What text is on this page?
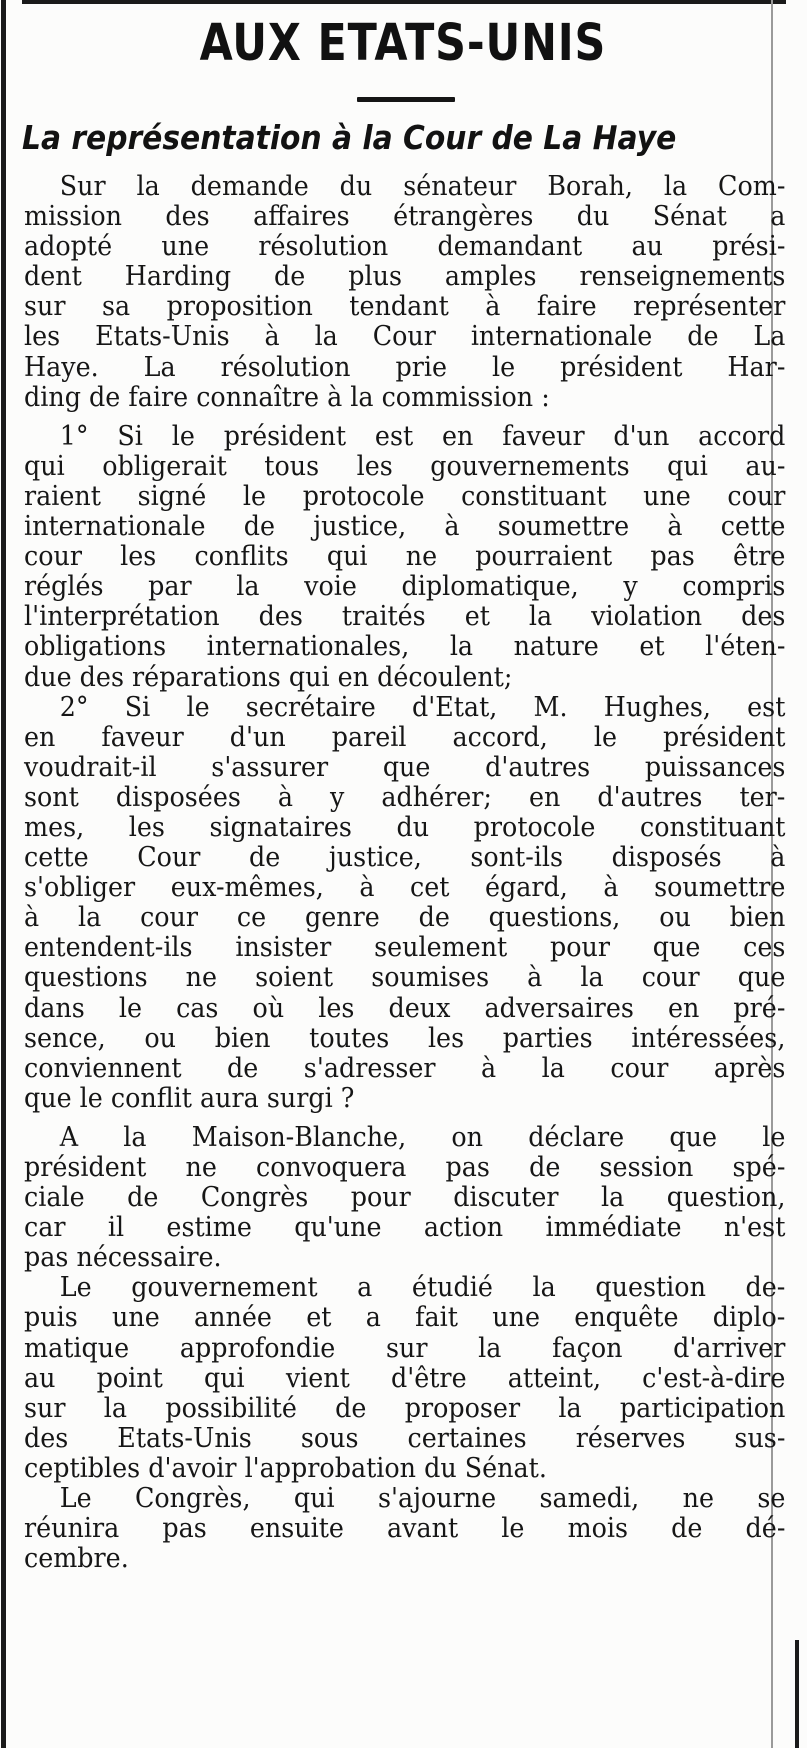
AUX ETATS-UNIS
La représentation à la Cour de La Haye
Sur la demande du sénateur Borah, la Com-
mission des affaires étrangères du Sénat a
adopté une résolution demandant au prési-
dent Harding de plus amples renseignements
sur sa proposition tendant à faire représenter
les Etats-Unis à la Cour internationale de La
Haye. La résolution prie le président Har-
ding de faire connaître à la commission :
1° Si le président est en faveur d'un accord
qui obligerait tous les gouvernements qui au-
raient signé le protocole constituant une cour
internationale de justice, à soumettre à cette
cour les conflits qui ne pourraient pas être
réglés par la voie diplomatique, y compris
l'interprétation des traités et la violation des
obligations internationales, la nature et l'éten-
due des réparations qui en découlent;
2° Si le secrétaire d'Etat, M. Hughes, est
en faveur d'un pareil accord, le président
voudrait-il s'assurer que d'autres puissances
sont disposées à y adhérer; en d'autres ter-
mes, les signataires du protocole constituant
cette Cour de justice, sont-ils disposés à
s'obliger eux-mêmes, à cet égard, à soumettre
à la cour ce genre de questions, ou bien
entendent-ils insister seulement pour que ces
questions ne soient soumises à la cour que
dans le cas où les deux adversaires en pré-
sence, ou bien toutes les parties intéressées,
conviennent de s'adresser à la cour après
que le conflit aura surgi ?
A la Maison-Blanche, on déclare que le
président ne convoquera pas de session spé-
ciale de Congrès pour discuter la question,
car il estime qu'une action immédiate n'est
pas nécessaire.
Le gouvernement a étudié la question de-
puis une année et a fait une enquête diplo-
matique approfondie sur la façon d'arriver
au point qui vient d'être atteint, c'est-à-dire
sur la possibilité de proposer la participation
des Etats-Unis sous certaines réserves sus-
ceptibles d'avoir l'approbation du Sénat.
Le Congrès, qui s'ajourne samedi, ne se
réunira pas ensuite avant le mois de dé-
cembre.
